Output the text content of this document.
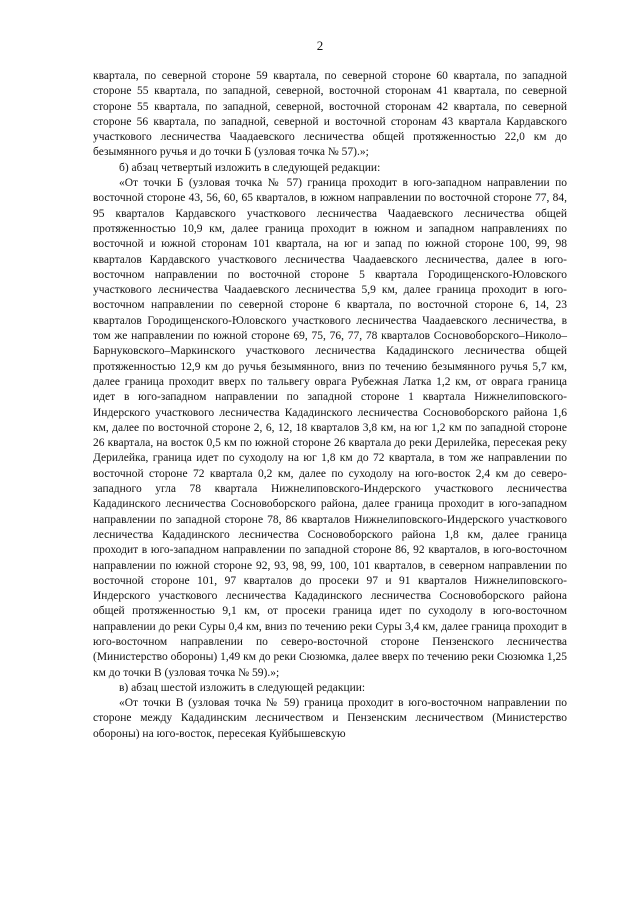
2

квартала, по северной стороне 59 квартала, по северной стороне 60 квартала, по западной стороне 55 квартала, по западной, северной, восточной сторонам 41 квартала, по северной стороне 55 квартала, по западной, северной, восточной сторонам 42 квартала, по северной стороне 56 квартала, по западной, северной и восточной сторонам 43 квартала Кардавского участкового лесничества Чаадаевского лесничества общей протяженностью 22,0 км до безымянного ручья и до точки Б (узловая точка № 57).»;

б) абзац четвертый изложить в следующей редакции:

«От точки Б (узловая точка № 57) граница проходит в юго-западном направлении по восточной стороне 43, 56, 60, 65 кварталов, в южном направлении по восточной стороне 77, 84, 95 кварталов Кардавского участкового лесничества Чаадаевского лесничества общей протяженностью 10,9 км, далее граница проходит в южном и западном направлениях по восточной и южной сторонам 101 квартала, на юг и запад по южной стороне 100, 99, 98 кварталов Кардавского участкового лесничества Чаадаевского лесничества, далее в юго-восточном направлении по восточной стороне 5 квартала Городищенского-Юловского участкового лесничества Чаадаевского лесничества 5,9 км, далее граница проходит в юго-восточном направлении по северной стороне 6 квартала, по восточной стороне 6, 14, 23 кварталов Городищенского-Юловского участкового лесничества Чаадаевского лесничества, в том же направлении по южной стороне 69, 75, 76, 77, 78 кварталов Сосновоборского–Николо–Барнуковского–Маркинского участкового лесничества Кададинского лесничества общей протяженностью 12,9 км до ручья безымянного, вниз по течению безымянного ручья 5,7 км, далее граница проходит вверх по тальвегу оврага Рубежная Латка 1,2 км, от оврага граница идет в юго-западном направлении по западной стороне 1 квартала Нижнелиповского-Индерского участкового лесничества Кададинского лесничества Сосновоборского района 1,6 км, далее по восточной стороне 2, 6, 12, 18 кварталов 3,8 км, на юг 1,2 км по западной стороне 26 квартала, на восток 0,5 км по южной стороне 26 квартала до реки Дерилейка, пересекая реку Дерилейка, граница идет по суходолу на юг 1,8 км до 72 квартала, в том же направлении по восточной стороне 72 квартала 0,2 км, далее по суходолу на юго-восток 2,4 км до северо-западного угла 78 квартала Нижнелиповского-Индерского участкового лесничества Кададинского лесничества Сосновоборского района, далее граница проходит в юго-западном направлении по западной стороне 78, 86 кварталов Нижнелиповского-Индерского участкового лесничества Кададинского лесничества Сосновоборского района 1,8 км, далее граница проходит в юго-западном направлении по западной стороне 86, 92 кварталов, в юго-восточном направлении по южной стороне 92, 93, 98, 99, 100, 101 кварталов, в северном направлении по восточной стороне 101, 97 кварталов до просеки 97 и 91 кварталов Нижнелиповского-Индерского участкового лесничества Кададинского лесничества Сосновоборского района общей протяженностью 9,1 км, от просеки граница идет по суходолу в юго-восточном направлении до реки Суры 0,4 км, вниз по течению реки Суры 3,4 км, далее граница проходит в юго-восточном направлении по северо-восточной стороне Пензенского лесничества (Министерство обороны) 1,49 км до реки Сюзюмка, далее вверх по течению реки Сюзюмка 1,25 км до точки В (узловая точка № 59).»;

в) абзац шестой изложить в следующей редакции:

«От точки В (узловая точка № 59) граница проходит в юго-восточном направлении по стороне между Кададинским лесничеством и Пензенским лесничеством (Министерство обороны) на юго-восток, пересекая Куйбышевскую
